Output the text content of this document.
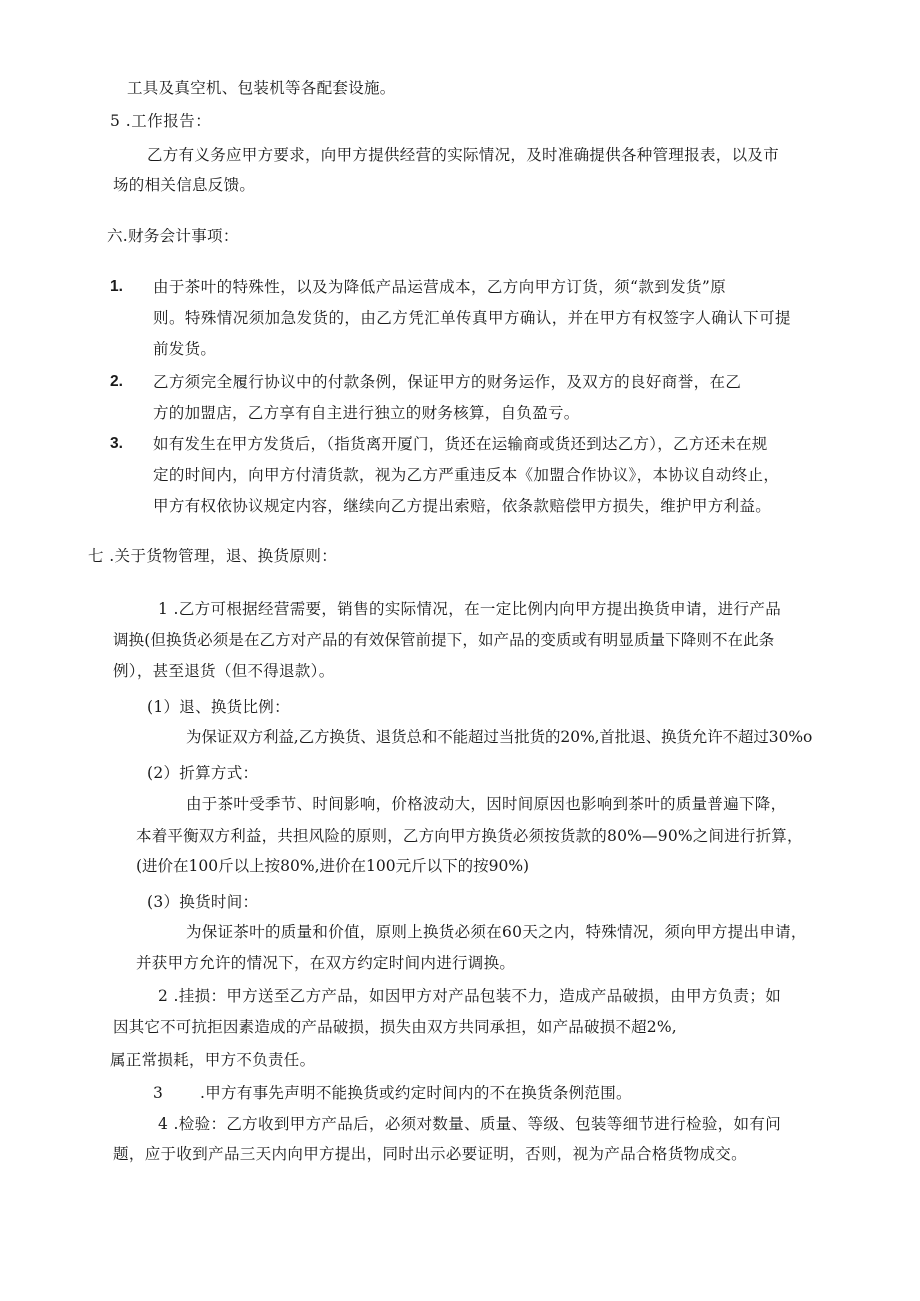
工具及真空机、包装机等各配套设施。
5 .工作报告：
乙方有义务应甲方要求，向甲方提供经营的实际情况，及时准确提供各种管理报表，以及市
场的相关信息反馈。
六.财务会计事项：
1. 由于茶叶的特殊性，以及为降低产品运营成本，乙方向甲方订货，须“款到发货”原
则。特殊情况须加急发货的，由乙方凭汇单传真甲方确认，并在甲方有权签字人确认下可提
前发货。
2. 乙方须完全履行协议中的付款条例，保证甲方的财务运作，及双方的良好商誉，在乙
方的加盟店，乙方享有自主进行独立的财务核算，自负盈亏。
3. 如有发生在甲方发货后，（指货离开厦门，货还在运输商或货还到达乙方），乙方还未在规
定的时间内，向甲方付清货款，视为乙方严重违反本《加盟合作协议》，本协议自动终止，
甲方有权依协议规定内容，继续向乙方提出索赔，依条款赔偿甲方损失，维护甲方利益。
七 .关于货物管理，退、换货原则：
1 .乙方可根据经营需要，销售的实际情况，在一定比例内向甲方提出换货申请，进行产品
调换(但换货必须是在乙方对产品的有效保管前提下，如产品的变质或有明显质量下降则不在此条
例），甚至退货（但不得退款）。
(1）退、换货比例：
为保证双方利益,乙方换货、退货总和不能超过当批货的20%,首批退、换货允许不超过30%o
(2）折算方式：
由于茶叶受季节、时间影响，价格波动大，因时间原因也影响到茶叶的质量普遍下降，
本着平衡双方利益，共担风险的原则，乙方向甲方换货必须按货款的80%—90%之间进行折算，
(进价在100斤以上按80%,进价在100元斤以下的按90%)
(3）换货时间：
为保证茶叶的质量和价值，原则上换货必须在60天之内，特殊情况，须向甲方提出申请，
并获甲方允许的情况下，在双方约定时间内进行调换。
2 .挂损：甲方送至乙方产品，如因甲方对产品包装不力，造成产品破损，由甲方负责；如
因其它不可抗拒因素造成的产品破损，损失由双方共同承担，如产品破损不超2%,
属正常损耗，甲方不负责任。
3 .甲方有事先声明不能换货或约定时间内的不在换货条例范围。
4 .检验：乙方收到甲方产品后，必须对数量、质量、等级、包装等细节进行检验，如有问
题，应于收到产品三天内向甲方提出，同时出示必要证明，否则，视为产品合格货物成交。
